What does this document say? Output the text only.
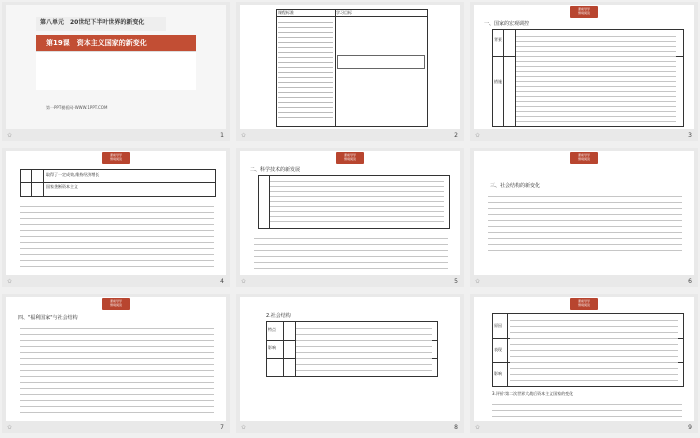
第八单元　20世纪下半叶世界的新变化
第19课　资本主义国家的新变化
第一PPT模板网-WWW.1PPT.COM
✩	1
课程标准	学习目标
✩	2
课前导学
情境阅读
一、国家的宏观调控
背景
措施
✩	3
课前导学
情境阅读
取得了一定成效,维持经济增长
国家垄断资本主义
✩	4
课前导学
情境阅读
二、科学技术的新发展
✩	5
课前导学
情境阅读
三、社会结构的新变化
✩	6
课前导学
情境阅读
四、"福利国家"与社会结构
✩	7
2.社会结构
特点
影响
✩	8
课前导学
情境阅读
原因
表现
影响
3.评价:第二次世界大战后资本主义国家的变化
✩	9
